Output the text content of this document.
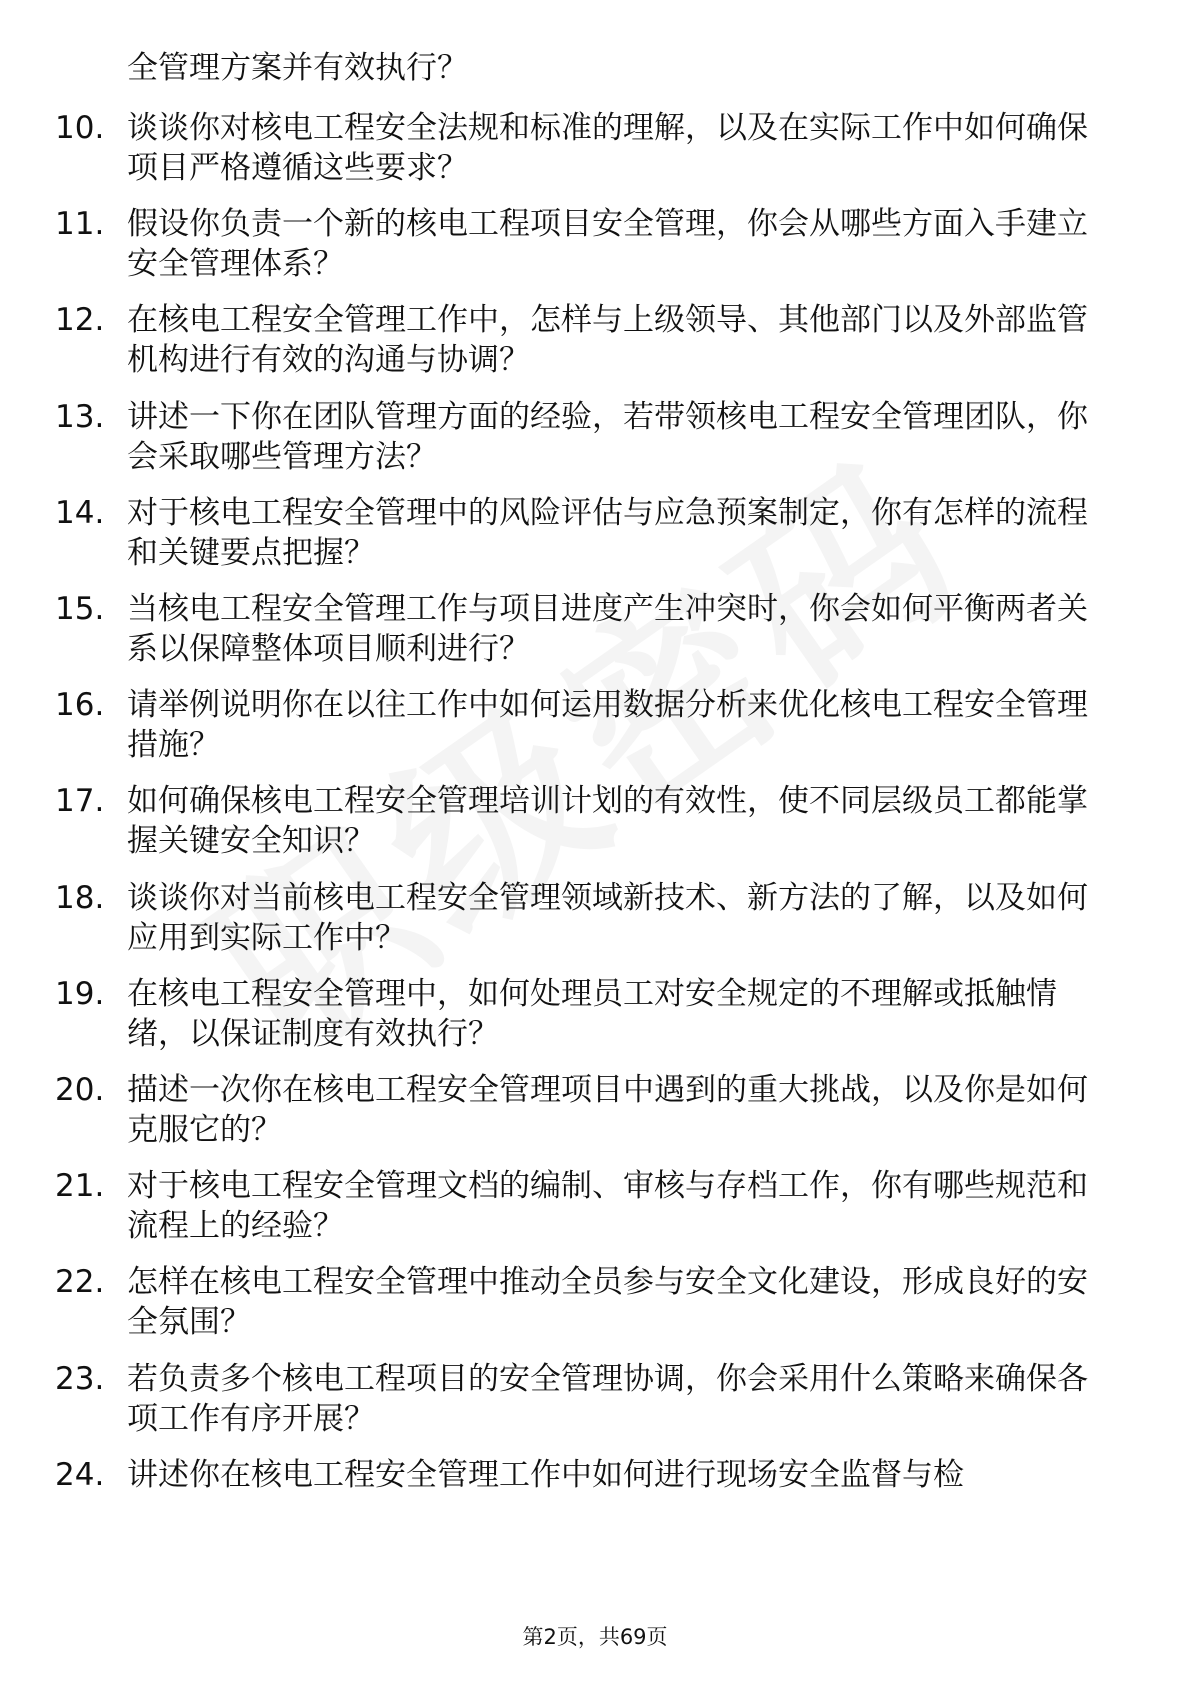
全管理方案并有效执行？
10. 谈谈你对核电工程安全法规和标准的理解，以及在实际工作中如何确保项目严格遵循这些要求？
11. 假设你负责一个新的核电工程项目安全管理，你会从哪些方面入手建立安全管理体系？
12. 在核电工程安全管理工作中，怎样与上级领导、其他部门以及外部监管机构进行有效的沟通与协调？
13. 讲述一下你在团队管理方面的经验，若带领核电工程安全管理团队，你会采取哪些管理方法？
14. 对于核电工程安全管理中的风险评估与应急预案制定，你有怎样的流程和关键要点把握？
15. 当核电工程安全管理工作与项目进度产生冲突时，你会如何平衡两者关系以保障整体项目顺利进行？
16. 请举例说明你在以往工作中如何运用数据分析来优化核电工程安全管理措施？
17. 如何确保核电工程安全管理培训计划的有效性，使不同层级员工都能掌握关键安全知识？
18. 谈谈你对当前核电工程安全管理领域新技术、新方法的了解，以及如何应用到实际工作中？
19. 在核电工程安全管理中，如何处理员工对安全规定的不理解或抵触情绪，以保证制度有效执行？
20. 描述一次你在核电工程安全管理项目中遇到的重大挑战，以及你是如何克服它的？
21. 对于核电工程安全管理文档的编制、审核与存档工作，你有哪些规范和流程上的经验？
22. 怎样在核电工程安全管理中推动全员参与安全文化建设，形成良好的安全氛围？
23. 若负责多个核电工程项目的安全管理协调，你会采用什么策略来确保各项工作有序开展？
24. 讲述你在核电工程安全管理工作中如何进行现场安全监督与检
第2页，共69页
